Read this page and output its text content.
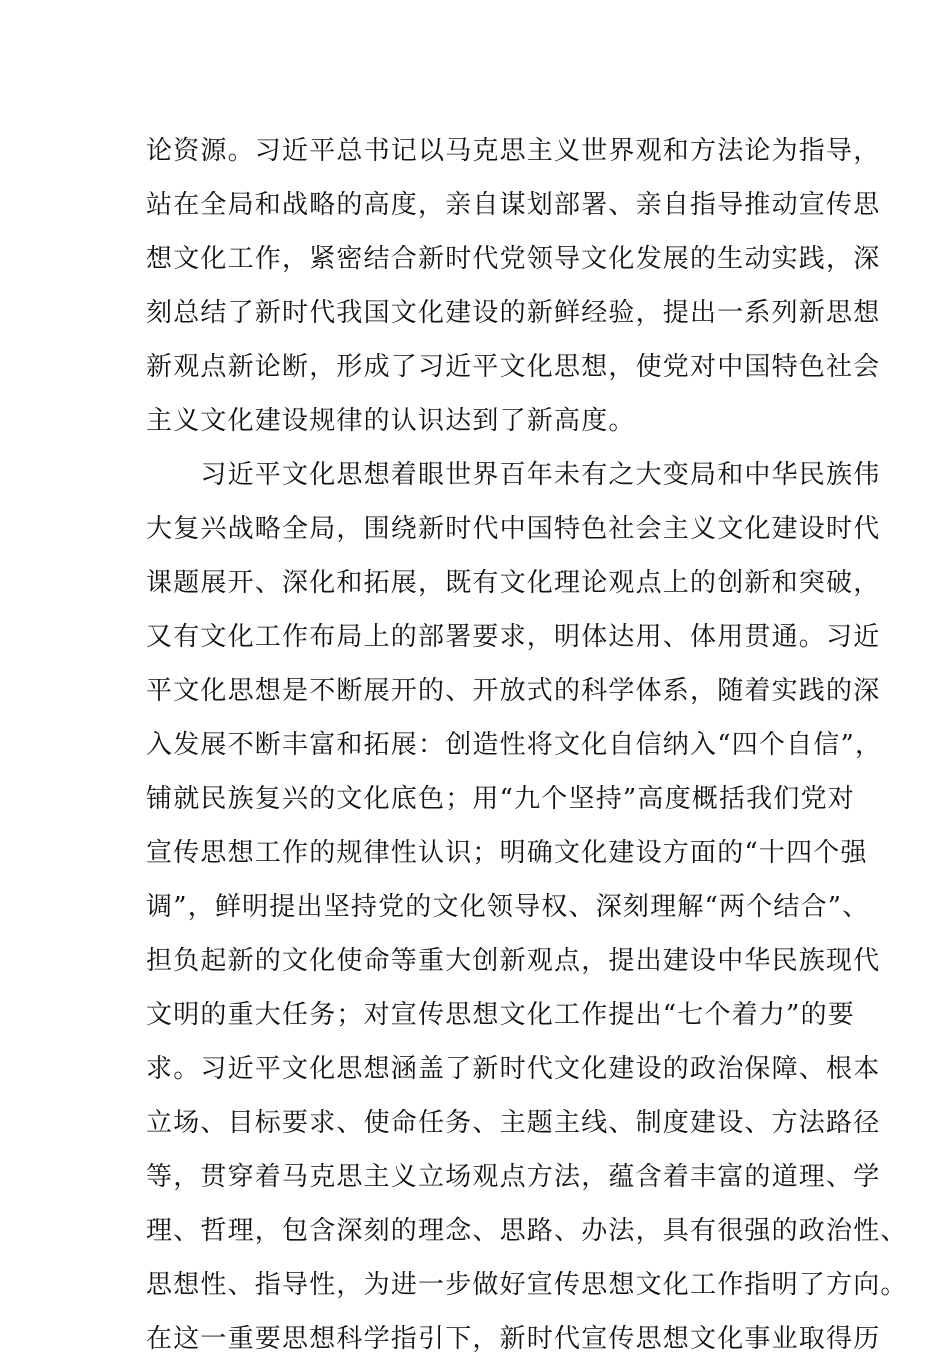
论资源。习近平总书记以马克思主义世界观和方法论为指导，
站在全局和战略的高度，亲自谋划部署、亲自指导推动宣传思
想文化工作，紧密结合新时代党领导文化发展的生动实践，深
刻总结了新时代我国文化建设的新鲜经验，提出一系列新思想
新观点新论断，形成了习近平文化思想，使党对中国特色社会
主义文化建设规律的认识达到了新高度。
　　习近平文化思想着眼世界百年未有之大变局和中华民族伟
大复兴战略全局，围绕新时代中国特色社会主义文化建设时代
课题展开、深化和拓展，既有文化理论观点上的创新和突破，
又有文化工作布局上的部署要求，明体达用、体用贯通。习近
平文化思想是不断展开的、开放式的科学体系，随着实践的深
入发展不断丰富和拓展：创造性将文化自信纳入“四个自信”，
铺就民族复兴的文化底色；用“九个坚持”高度概括我们党对
宣传思想工作的规律性认识；明确文化建设方面的“十四个强
调”，鲜明提出坚持党的文化领导权、深刻理解“两个结合”、
担负起新的文化使命等重大创新观点，提出建设中华民族现代
文明的重大任务；对宣传思想文化工作提出“七个着力”的要
求。习近平文化思想涵盖了新时代文化建设的政治保障、根本
立场、目标要求、使命任务、主题主线、制度建设、方法路径
等，贯穿着马克思主义立场观点方法，蕴含着丰富的道理、学
理、哲理，包含深刻的理念、思路、办法，具有很强的政治性、
思想性、指导性，为进一步做好宣传思想文化工作指明了方向。
在这一重要思想科学指引下，新时代宣传思想文化事业取得历
